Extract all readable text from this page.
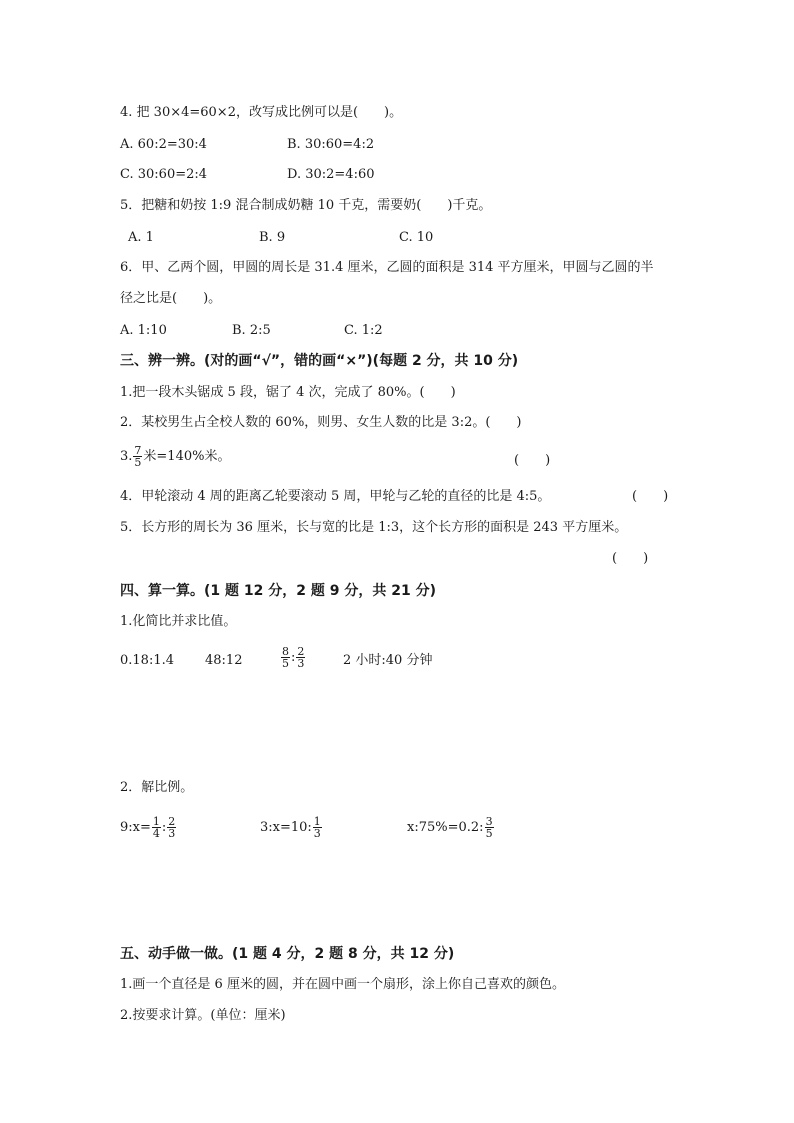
4. 把 30×4=60×2，改写成比例可以是(　　)。
A. 60:2=30:4	B. 30:60=4:2
C. 30:60=2:4	D. 30:2=4:60
5．把糖和奶按 1:9 混合制成奶糖 10 千克，需要奶(　　)千克。
A. 1	B. 9	C. 10
6．甲、乙两个圆，甲圆的周长是 31.4 厘米，乙圆的面积是 314 平方厘米，甲圆与乙圆的半
径之比是(　　)。
A. 1:10	B. 2:5	C. 1:2
三、辨一辨。(对的画“√”，错的画“×”)(每题 2 分，共 10 分)
1.把一段木头锯成 5 段，锯了 4 次，完成了 80%。(　　)
2．某校男生占全校人数的 60%，则男、女生人数的比是 3:2。(　　)
3. $\frac{7}{5}$ 米=140%米。	(　　)
4．甲轮滚动 4 周的距离乙轮要滚动 5 周，甲轮与乙轮的直径的比是 4:5。	(　　)
5．长方形的周长为 36 厘米，长与宽的比是 1:3，这个长方形的面积是 243 平方厘米。
(　　)
四、算一算。(1 题 12 分，2 题 9 分，共 21 分)
1.化简比并求比值。
0.18:1.4 48:12	$\frac{8}{5}$ : $\frac{2}{3}$	2 小时:40 分钟
2．解比例。
9:x= $\frac{1}{4}$ : $\frac{2}{3}$	3:x=10: $\frac{1}{3}$	x:75%=0.2: $\frac{3}{5}$
五、动手做一做。(1 题 4 分，2 题 8 分，共 12 分)
1.画一个直径是 6 厘米的圆，并在圆中画一个扇形，涂上你自己喜欢的颜色。
2.按要求计算。(单位：厘米)
